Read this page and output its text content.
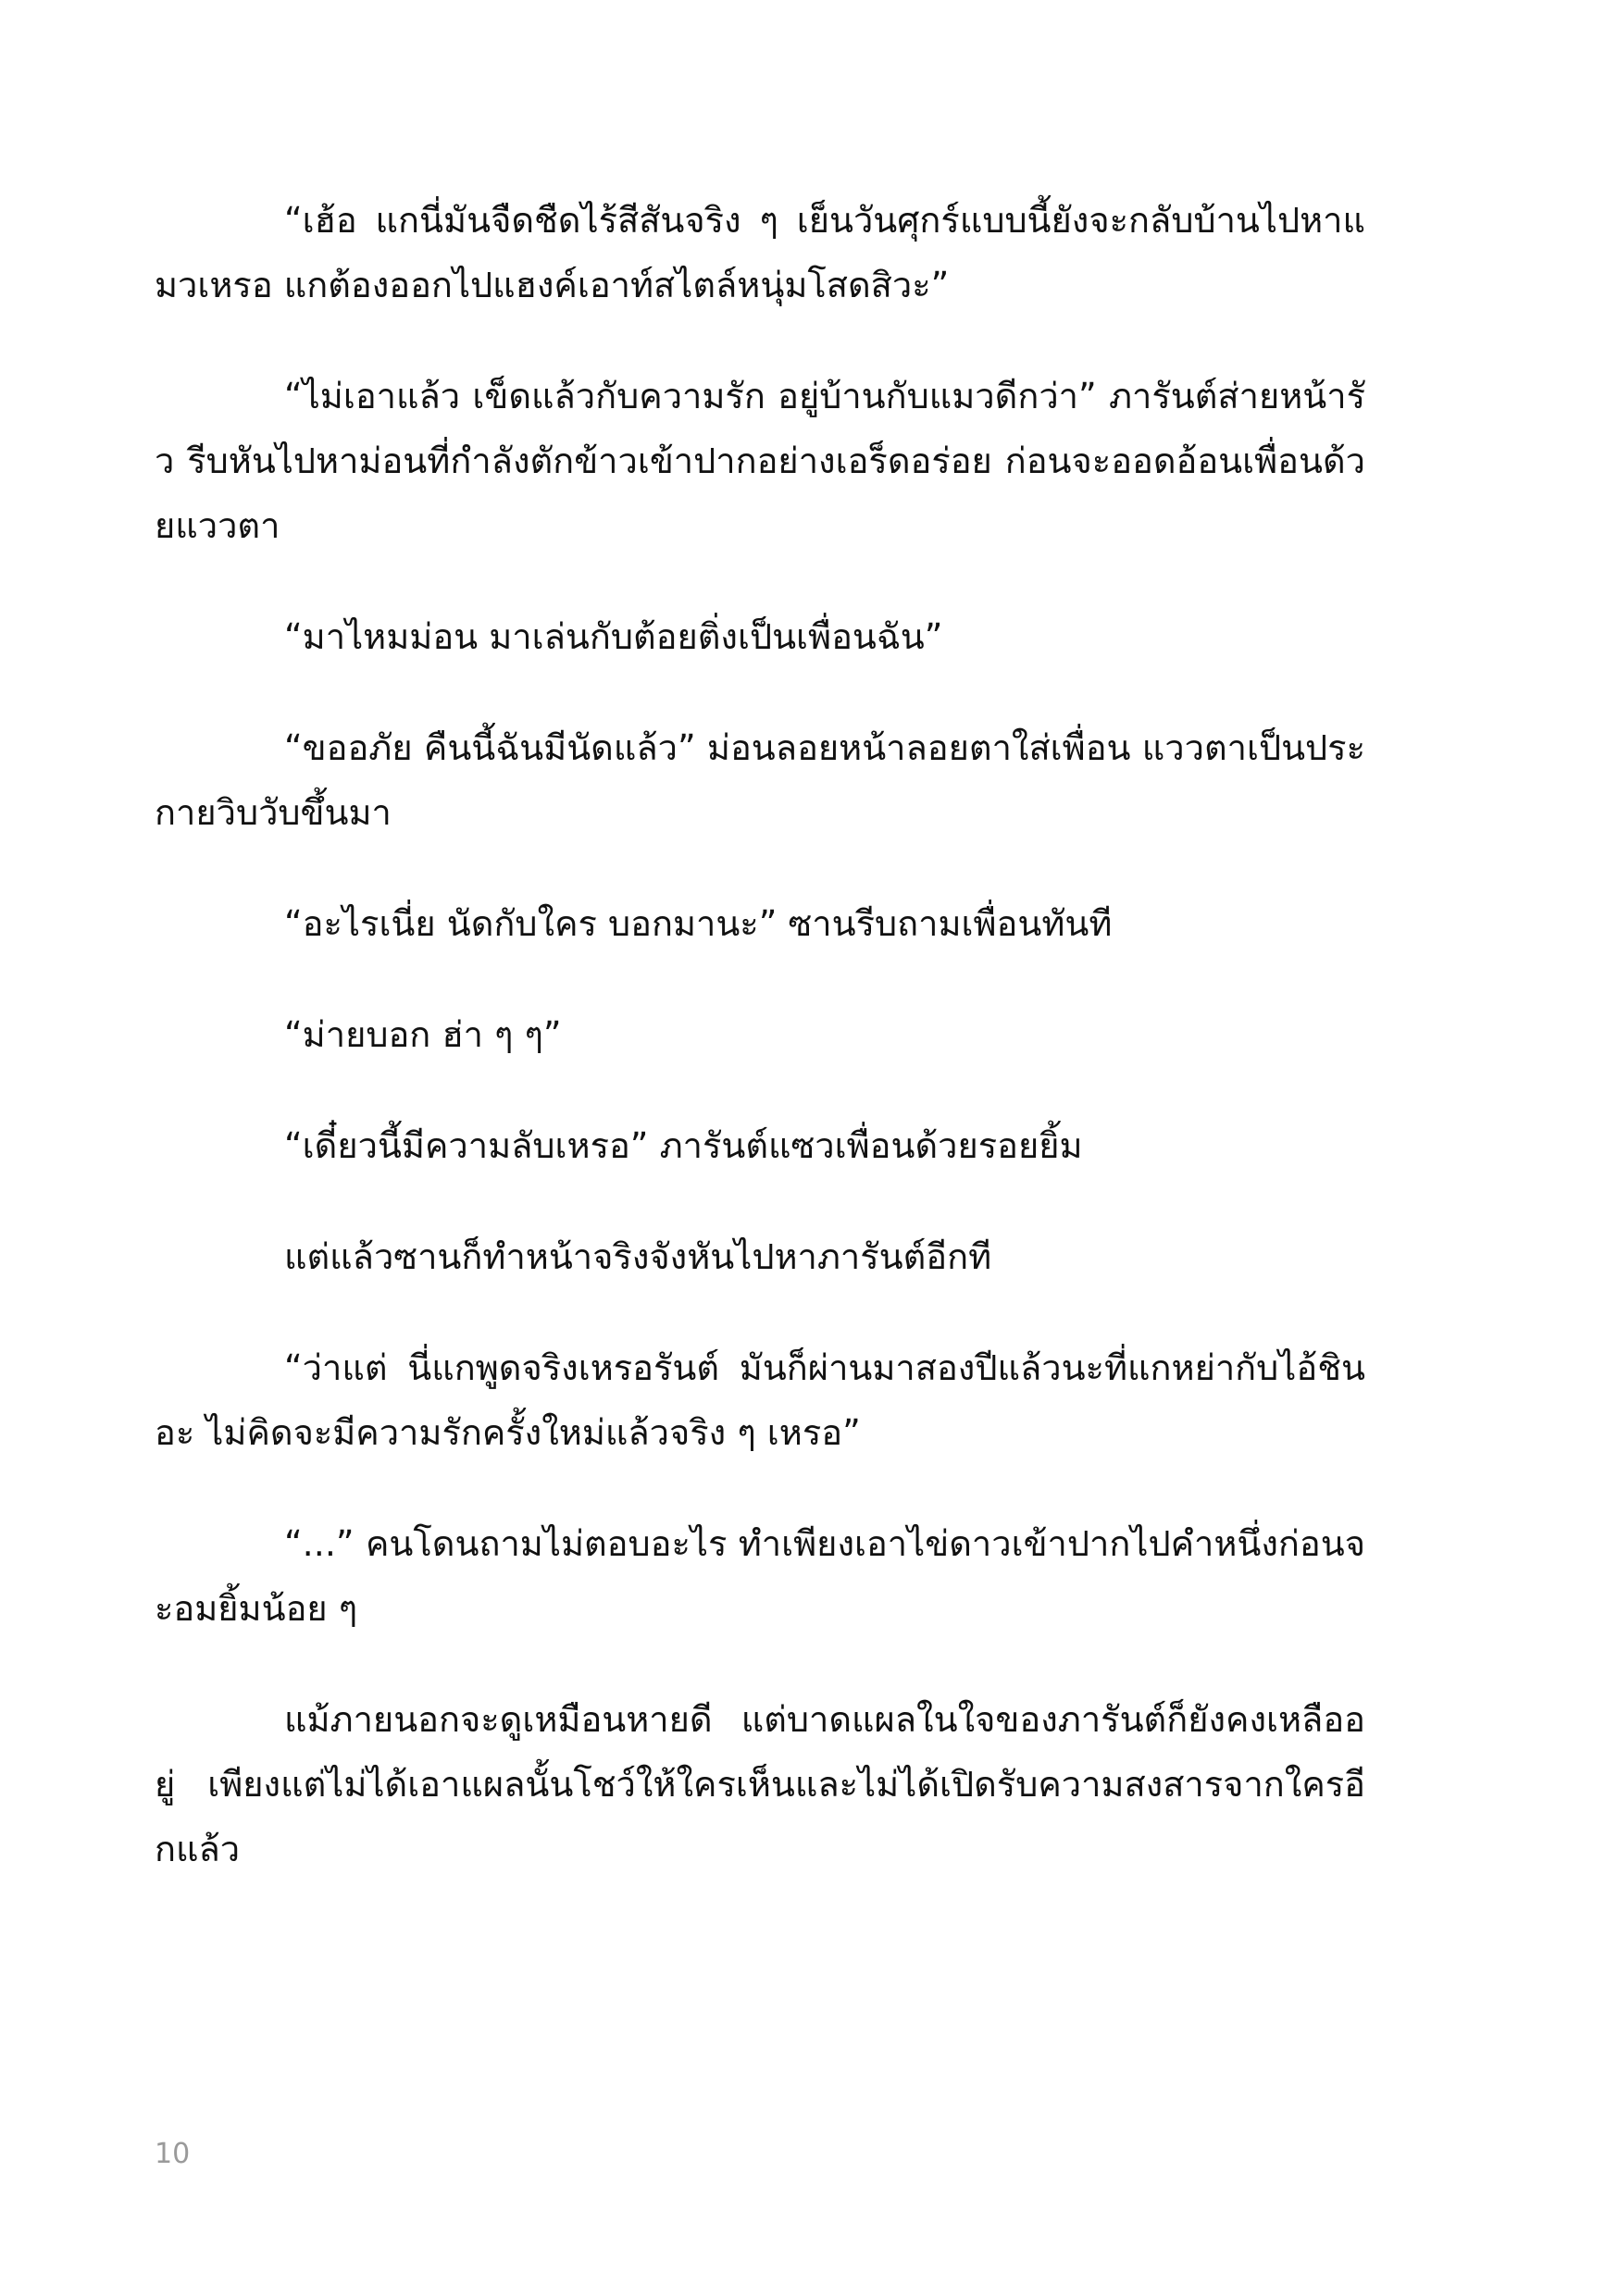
“เฮ้อ แกนี่มันจืดชืดไร้สีสันจริง ๆ เย็นวันศุกร์แบบนี้ยังจะกลับบ้านไปหาแมวเหรอ แกต้องออกไปแฮงค์เอาท์สไตล์หนุ่มโสดสิวะ”

“ไม่เอาแล้ว เข็ดแล้วกับความรัก อยู่บ้านกับแมวดีกว่า” ภารันต์ส่ายหน้ารัว รีบหันไปหาม่อนที่กำลังตักข้าวเข้าปากอย่างเอร็ดอร่อย ก่อนจะออดอ้อนเพื่อนด้วยแววตา

“มาไหมม่อน มาเล่นกับต้อยติ่งเป็นเพื่อนฉัน”

“ขออภัย คืนนี้ฉันมีนัดแล้ว” ม่อนลอยหน้าลอยตาใส่เพื่อน แววตาเป็นประกายวิบวับขึ้นมา

“อะไรเนี่ย นัดกับใคร บอกมานะ” ซานรีบถามเพื่อนทันที

“ม่ายบอก ฮ่า ๆ ๆ”

“เดี๋ยวนี้มีความลับเหรอ” ภารันต์แซวเพื่อนด้วยรอยยิ้ม

แต่แล้วซานก็ทำหน้าจริงจังหันไปหาภารันต์อีกที

“ว่าแต่ นี่แกพูดจริงเหรอรันต์ มันก็ผ่านมาสองปีแล้วนะที่แกหย่ากับไอ้ชินอะ ไม่คิดจะมีความรักครั้งใหม่แล้วจริง ๆ เหรอ”

“...” คนโดนถามไม่ตอบอะไร ทำเพียงเอาไข่ดาวเข้าปากไปคำหนึ่งก่อนจะอมยิ้มน้อย ๆ

แม้ภายนอกจะดูเหมือนหายดี แต่บาดแผลในใจของภารันต์ก็ยังคงเหลืออยู่ เพียงแต่ไม่ได้เอาแผลนั้นโชว์ให้ใครเห็นและไม่ได้เปิดรับความสงสารจากใครอีกแล้ว

10
